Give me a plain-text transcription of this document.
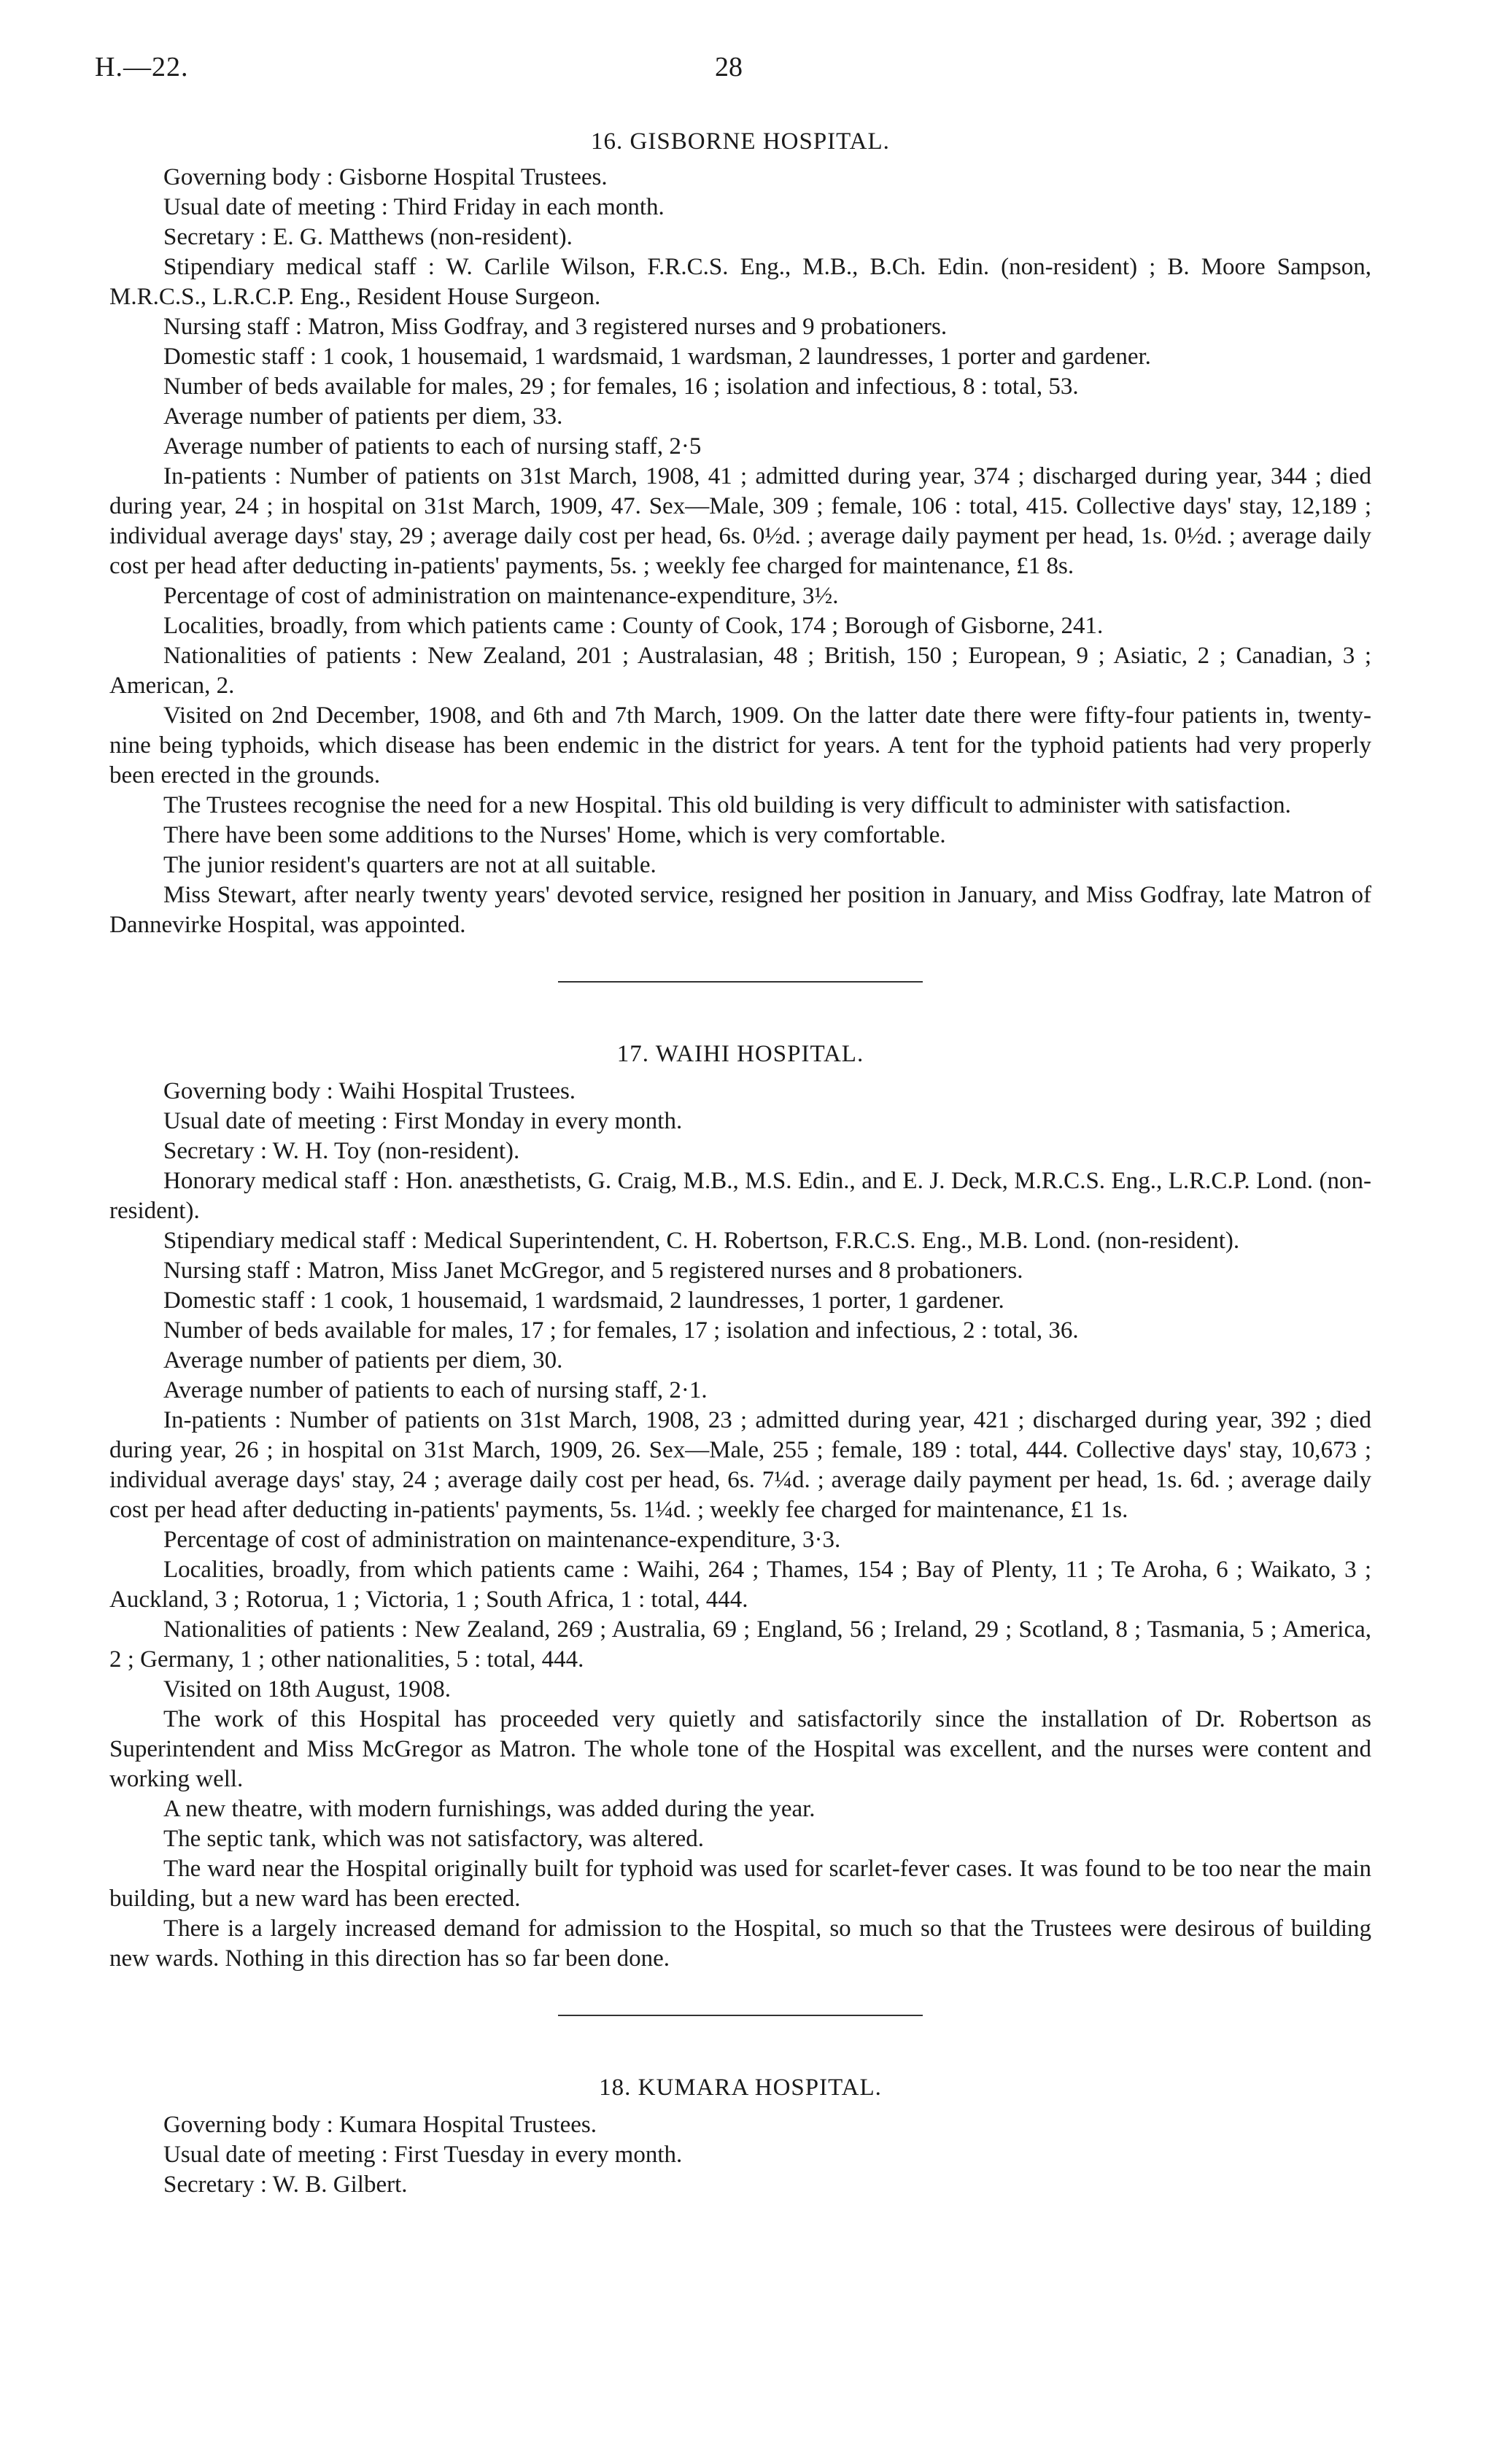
H.—22.	28
16. GISBORNE HOSPITAL.

Governing body : Gisborne Hospital Trustees.

Usual date of meeting : Third Friday in each month.

Secretary : E. G. Matthews (non-resident).

Stipendiary medical staff : W. Carlile Wilson, F.R.C.S. Eng., M.B., B.Ch. Edin. (non-resident) ; B. Moore Sampson, M.R.C.S., L.R.C.P. Eng., Resident House Surgeon.

Nursing staff : Matron, Miss Godfray, and 3 registered nurses and 9 probationers.

Domestic staff : 1 cook, 1 housemaid, 1 wardsmaid, 1 wardsman, 2 laundresses, 1 porter and gardener.

Number of beds available for males, 29 ; for females, 16 ; isolation and infectious, 8 : total, 53.

Average number of patients per diem, 33.

Average number of patients to each of nursing staff, 2·5

In-patients : Number of patients on 31st March, 1908, 41 ; admitted during year, 374 ; discharged during year, 344 ; died during year, 24 ; in hospital on 31st March, 1909, 47. Sex—Male, 309 ; female, 106 : total, 415. Collective days' stay, 12,189 ; individual average days' stay, 29 ; average daily cost per head, 6s. 0½d. ; average daily payment per head, 1s. 0½d. ; average daily cost per head after deducting in-patients' payments, 5s. ; weekly fee charged for maintenance, £1 8s.

Percentage of cost of administration on maintenance-expenditure, 3½.

Localities, broadly, from which patients came : County of Cook, 174 ; Borough of Gisborne, 241.

Nationalities of patients : New Zealand, 201 ; Australasian, 48 ; British, 150 ; European, 9 ; Asiatic, 2 ; Canadian, 3 ; American, 2.

Visited on 2nd December, 1908, and 6th and 7th March, 1909. On the latter date there were fifty-four patients in, twenty-nine being typhoids, which disease has been endemic in the district for years. A tent for the typhoid patients had very properly been erected in the grounds.

The Trustees recognise the need for a new Hospital. This old building is very difficult to administer with satisfaction.

There have been some additions to the Nurses' Home, which is very comfortable.

The junior resident's quarters are not at all suitable.

Miss Stewart, after nearly twenty years' devoted service, resigned her position in January, and Miss Godfray, late Matron of Dannevirke Hospital, was appointed.

17. WAIHI HOSPITAL.

Governing body : Waihi Hospital Trustees.

Usual date of meeting : First Monday in every month.

Secretary : W. H. Toy (non-resident).

Honorary medical staff : Hon. anæsthetists, G. Craig, M.B., M.S. Edin., and E. J. Deck, M.R.C.S. Eng., L.R.C.P. Lond. (non-resident).

Stipendiary medical staff : Medical Superintendent, C. H. Robertson, F.R.C.S. Eng., M.B. Lond. (non-resident).

Nursing staff : Matron, Miss Janet McGregor, and 5 registered nurses and 8 probationers.

Domestic staff : 1 cook, 1 housemaid, 1 wardsmaid, 2 laundresses, 1 porter, 1 gardener.

Number of beds available for males, 17 ; for females, 17 ; isolation and infectious, 2 : total, 36.

Average number of patients per diem, 30.

Average number of patients to each of nursing staff, 2·1.

In-patients : Number of patients on 31st March, 1908, 23 ; admitted during year, 421 ; discharged during year, 392 ; died during year, 26 ; in hospital on 31st March, 1909, 26. Sex—Male, 255 ; female, 189 : total, 444. Collective days' stay, 10,673 ; individual average days' stay, 24 ; average daily cost per head, 6s. 7¼d. ; average daily payment per head, 1s. 6d. ; average daily cost per head after deducting in-patients' payments, 5s. 1¼d. ; weekly fee charged for maintenance, £1 1s.

Percentage of cost of administration on maintenance-expenditure, 3·3.

Localities, broadly, from which patients came : Waihi, 264 ; Thames, 154 ; Bay of Plenty, 11 ; Te Aroha, 6 ; Waikato, 3 ; Auckland, 3 ; Rotorua, 1 ; Victoria, 1 ; South Africa, 1 : total, 444.

Nationalities of patients : New Zealand, 269 ; Australia, 69 ; England, 56 ; Ireland, 29 ; Scotland, 8 ; Tasmania, 5 ; America, 2 ; Germany, 1 ; other nationalities, 5 : total, 444.

Visited on 18th August, 1908.

The work of this Hospital has proceeded very quietly and satisfactorily since the installation of Dr. Robertson as Superintendent and Miss McGregor as Matron. The whole tone of the Hospital was excellent, and the nurses were content and working well.

A new theatre, with modern furnishings, was added during the year.

The septic tank, which was not satisfactory, was altered.

The ward near the Hospital originally built for typhoid was used for scarlet-fever cases. It was found to be too near the main building, but a new ward has been erected.

There is a largely increased demand for admission to the Hospital, so much so that the Trustees were desirous of building new wards. Nothing in this direction has so far been done.

18. KUMARA HOSPITAL.

Governing body : Kumara Hospital Trustees.

Usual date of meeting : First Tuesday in every month.

Secretary : W. B. Gilbert.
